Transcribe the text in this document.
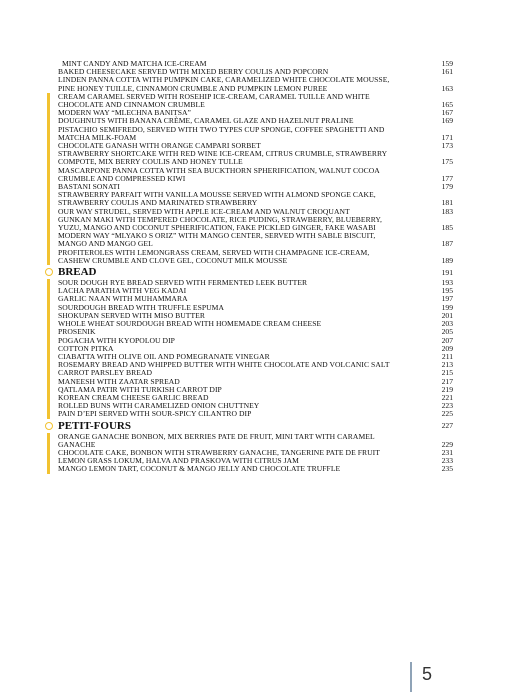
MINT CANDY AND MATCHA ICE-CREAM	159
BAKED CHEESECAKE SERVED WITH MIXED BERRY COULIS AND POPCORN	161
LINDEN PANNA COTTA WITH PUMPKIN CAKE, CARAMELIZED WHITE CHOCOLATE MOUSSE,
PINE HONEY TUILLE, CINNAMON CRUMBLE AND PUMPKIN LEMON PUREE	163
CREAM CARAMEL SERVED WITH ROSEHIP ICE-CREAM, CARAMEL TUILLE AND WHITE
CHOCOLATE AND CINNAMON CRUMBLE	165
MODERN WAY “MLECHNA BANITSA”	167
DOUGHNUTS WITH BANANA CRÈME, CARAMEL GLAZE AND HAZELNUT PRALINE	169
PISTACHIO SEMIFREDO, SERVED WITH TWO TYPES CUP SPONGE, COFFEE SPAGHETTI AND
MATCHA MILK-FOAM	171
CHOCOLATE GANASH WITH ORANGE CAMPARI SORBET	173
STRAWBERRY SHORTCAKE WITH RED WINE ICE-CREAM, CITRUS CRUMBLE, STRAWBERRY
COMPOTE, MIX BERRY COULIS AND HONEY TULLE	175
MASCARPONE PANNA COTTA WITH SEA BUCKTHORN SPHERIFICATION, WALNUT COCOA
CRUMBLE AND COMPRESSED KIWI	177
BASTANI SONATI	179
STRAWBERRY PARFAIT WITH VANILLA MOUSSE SERVED WITH ALMOND SPONGE CAKE,
STRAWBERRY COULIS AND MARINATED STRAWBERRY	181
OUR WAY STRUDEL, SERVED WITH APPLE ICE-CREAM AND WALNUT CROQUANT	183
GUNKAN MAKI WITH TEMPERED CHOCOLATE, RICE PUDING, STRAWBERRY, BLUEBERRY,
YUZU, MANGO AND COCONUT SPHERIFICATION, FAKE PICKLED GINGER, FAKE WASABI	185
MODERN WAY “MLYAKO S ORIZ” WITH MANGO CENTER, SERVED WITH SABLE BISCUIT,
MANGO AND MANGO GEL	187
PROFITEROLES WITH LEMONGRASS CREAM, SERVED WITH CHAMPAGNE ICE-CREAM,
CASHEW CRUMBLE AND CLOVE GEL, COCONUT MILK MOUSSE	189
BREAD	191
SOUR DOUGH RYE BREAD SERVED WITH FERMENTED LEEK BUTTER	193
LACHA PARATHA WITH VEG KADAI	195
GARLIC NAAN WITH MUHAMMARA	197
SOURDOUGH BREAD WITH TRUFFLE ESPUMA	199
SHOKUPAN SERVED WITH MISO BUTTER	201
WHOLE WHEAT SOURDOUGH BREAD WITH HOMEMADE CREAM CHEESE	203
PROSENIK	205
POGACHA WITH KYOPOLOU DIP	207
COTTON PITKA	209
CIABATTA WITH OLIVE OIL AND POMEGRANATE VINEGAR	211
ROSEMARY BREAD AND WHIPPED BUTTER WITH WHITE CHOCOLATE AND VOLCANIC SALT	213
CARROT PARSLEY BREAD	215
MANEESH WITH ZAATAR SPREAD	217
QATLAMA PATIR WITH TURKISH CARROT DIP	219
KOREAN CREAM CHEESE GARLIC BREAD	221
ROLLED BUNS WITH CARAMELIZED ONION CHUTTNEY	223
PAIN D’EPI SERVED WITH SOUR-SPICY CILANTRO DIP	225
PETIT-FOURS	227
ORANGE GANACHE BONBON, MIX BERRIES PATE DE FRUIT, MINI TART WITH CARAMEL
GANACHE	229
CHOCOLATE CAKE, BONBON WITH STRAWBERRY GANACHE, TANGERINE PATE DE FRUIT	231
LEMON GRASS LOKUM, HALVA AND PRASKOVA WITH CITRUS JAM	233
MANGO LEMON TART, COCONUT & MANGO JELLY AND CHOCOLATE TRUFFLE	235
5
